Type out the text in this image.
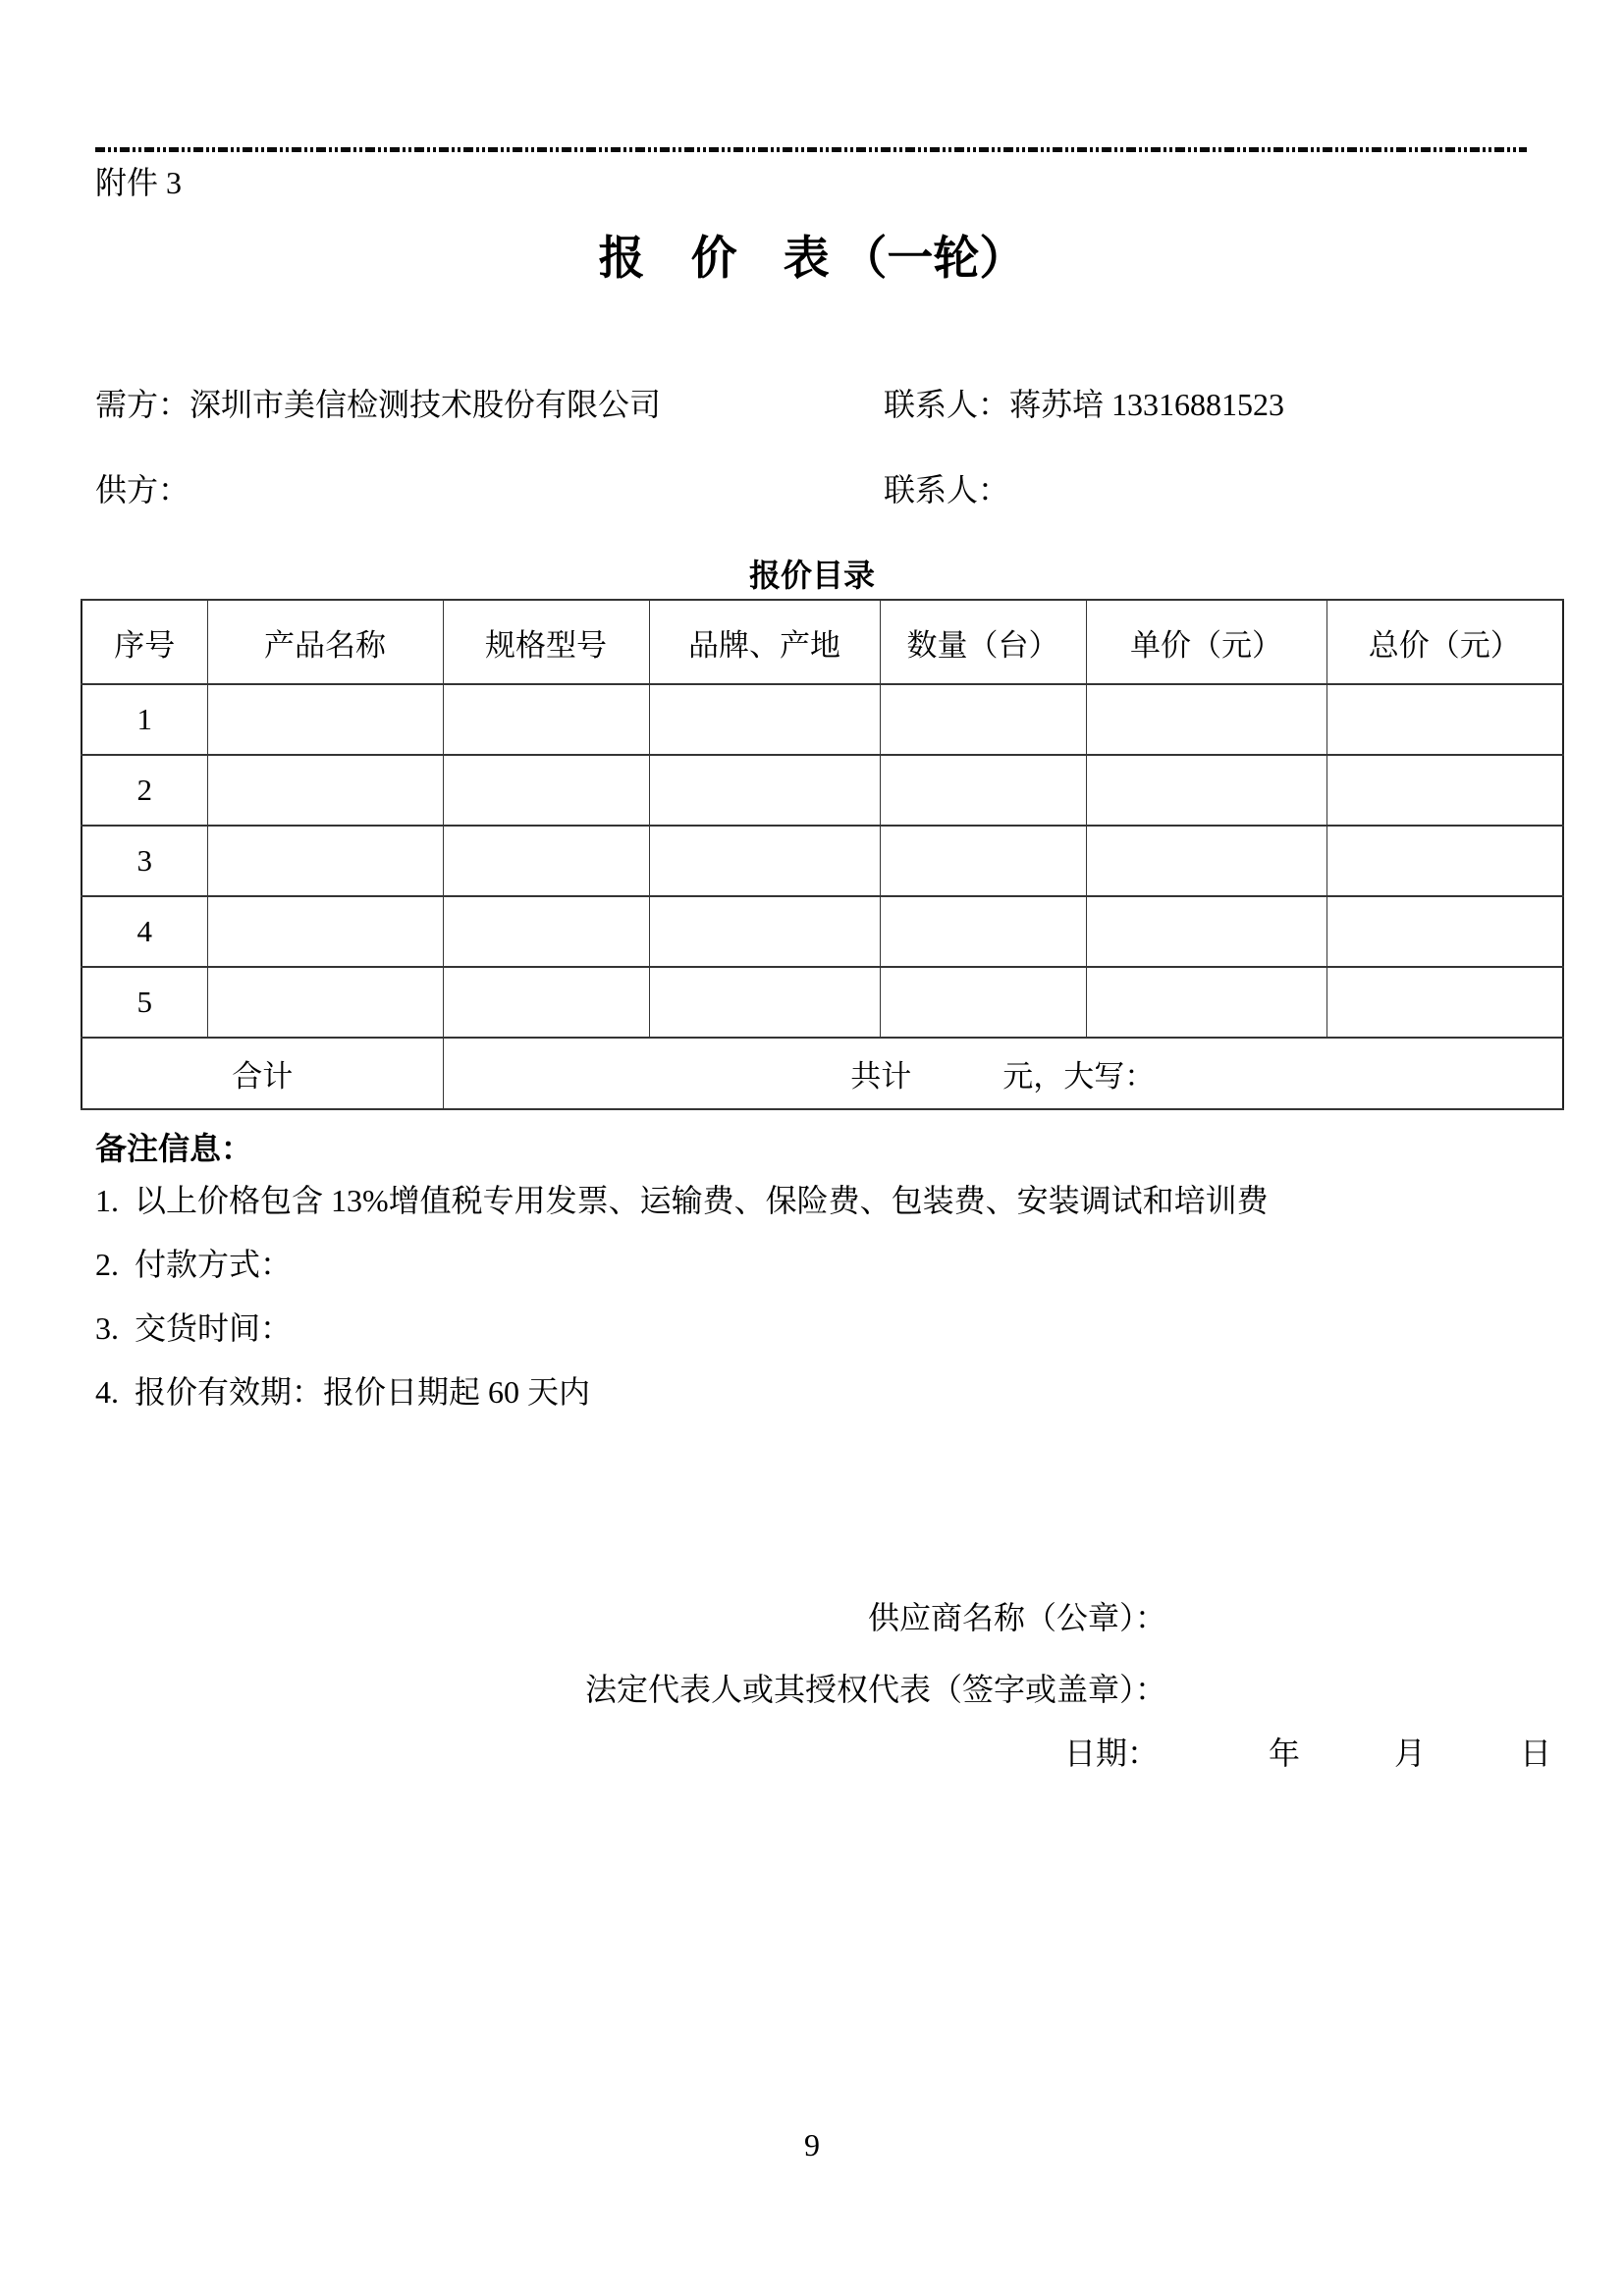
附件 3
报　价　表 （一轮）
需方：深圳市美信检测技术股份有限公司	联系人：蒋苏培 13316881523
供方：	联系人：
报价目录
序号	产品名称	规格型号	品牌、产地	数量（台）	单价（元）	总价（元）
1						
2						
3						
4						
5						
合计		共计　　　元，大写：				
备注信息：
1.  以上价格包含 13%增值税专用发票、运输费、保险费、包装费、安装调试和培训费
2.  付款方式：
3.  交货时间：
4.  报价有效期：报价日期起 60 天内
供应商名称（公章）：
法定代表人或其授权代表（签字或盖章）：
日期：　　　　年　　　月　　　日
9
